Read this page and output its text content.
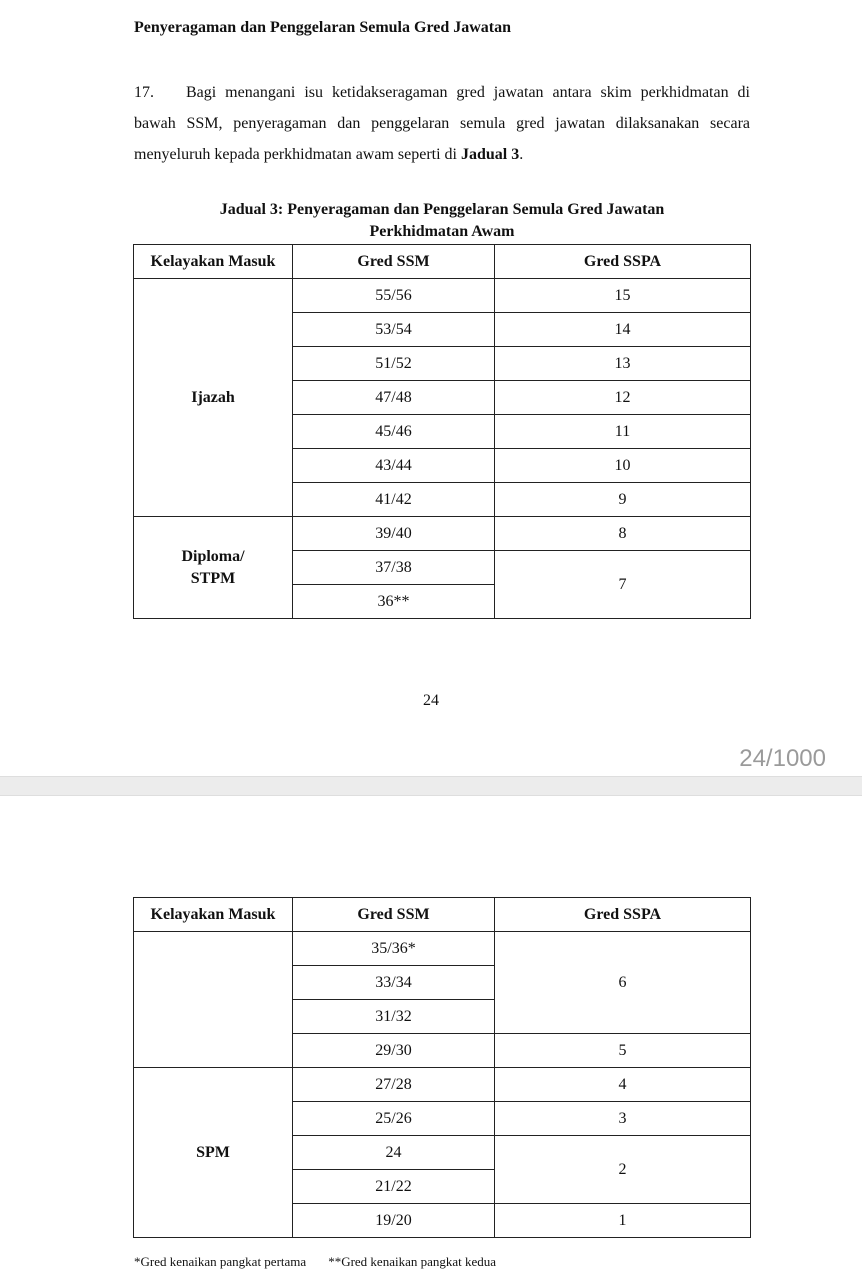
Penyeragaman dan Penggelaran Semula Gred Jawatan

17. Bagi menangani isu ketidakseragaman gred jawatan antara skim perkhidmatan di bawah SSM, penyeragaman dan penggelaran semula gred jawatan dilaksanakan secara menyeluruh kepada perkhidmatan awam seperti di Jadual 3.

Jadual 3: Penyeragaman dan Penggelaran Semula Gred Jawatan
Perkhidmatan Awam
Kelayakan Masuk	Gred SSM	Gred SSPA
Ijazah	55/56	15
	53/54	14
	51/52	13
	47/48	12
	45/46	11
	43/44	10
	41/42	9

Diploma/
STPM	39/40	8
	37/38	7
	36**	
24
24/1000
Kelayakan Masuk	Gred SSM	Gred SSPA
	35/36*	6
	33/34	
	31/32	
	29/30	5
SPM	27/28	4
	25/26	3
	24	2
	21/22	
	19/20	1
*Gred kenaikan pangkat pertama **Gred kenaikan pangkat kedua
